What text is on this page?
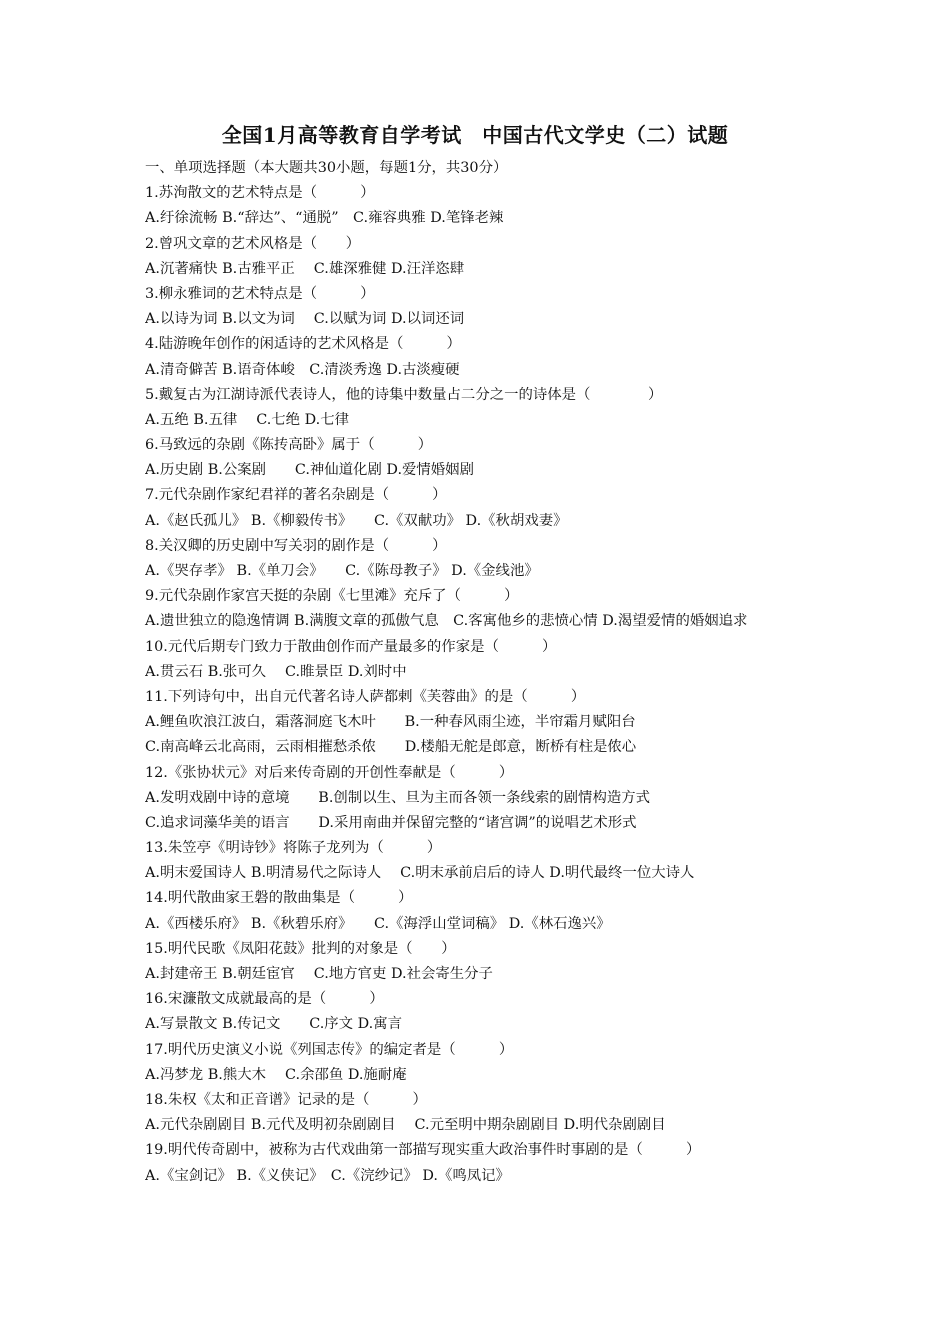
全国1月高等教育自学考试　中国古代文学史（二）试题
一、单项选择题（本大题共30小题，每题1分，共30分）
1.苏洵散文的艺术特点是（　　　）
A.纡徐流畅 B.“辞达”、“通脱”　C.雍容典雅 D.笔锋老辣
2.曾巩文章的艺术风格是（　　）
A.沉著痛快 B.古雅平正　 C.雄深雅健 D.汪洋恣肆
3.柳永雅词的艺术特点是（　　　）
A.以诗为词 B.以文为词　 C.以赋为词 D.以词还词
4.陆游晚年创作的闲适诗的艺术风格是（　　　）
A.清奇僻苦 B.语奇体峻　C.清淡秀逸 D.古淡瘦硬
5.戴复古为江湖诗派代表诗人，他的诗集中数量占二分之一的诗体是（　　　　）
A.五绝 B.五律　 C.七绝 D.七律
6.马致远的杂剧《陈抟高卧》属于（　　　）
A.历史剧 B.公案剧　　C.神仙道化剧 D.爱情婚姻剧
7.元代杂剧作家纪君祥的著名杂剧是（　　　）
A.《赵氏孤儿》 B.《柳毅传书》　　C.《双献功》 D.《秋胡戏妻》
8.关汉卿的历史剧中写关羽的剧作是（　　　）
A.《哭存孝》 B.《单刀会》　　C.《陈母教子》 D.《金线池》
9.元代杂剧作家宫天挺的杂剧《七里滩》充斥了（　　　）
A.遗世独立的隐逸情调 B.满腹文章的孤傲气息　C.客寓他乡的悲愤心情 D.渴望爱情的婚姻追求
10.元代后期专门致力于散曲创作而产量最多的作家是（　　　）
A.贯云石 B.张可久　 C.睢景臣 D.刘时中
11.下列诗句中，出自元代著名诗人萨都剌《芙蓉曲》的是（　　　）
A.鲤鱼吹浪江波白，霜落洞庭飞木叶　　B.一种春风雨尘迹，半帘霜月赋阳台
C.南高峰云北高雨，云雨相摧愁杀侬　　D.楼船无舵是郎意，断桥有柱是侬心
12.《张协状元》对后来传奇剧的开创性奉献是（　　　）
A.发明戏剧中诗的意境　　B.创制以生、旦为主而各领一条线索的剧情构造方式
C.追求词藻华美的语言　　D.采用南曲并保留完整的“诸宫调”的说唱艺术形式
13.朱笠亭《明诗钞》将陈子龙列为（　　　）
A.明末爱国诗人 B.明清易代之际诗人　 C.明末承前启后的诗人 D.明代最终一位大诗人
14.明代散曲家王磐的散曲集是（　　　）
A.《西楼乐府》 B.《秋碧乐府》　　C.《海浮山堂词稿》 D.《林石逸兴》
15.明代民歌《凤阳花鼓》批判的对象是（　　）
A.封建帝王 B.朝廷宦官　 C.地方官吏 D.社会寄生分子
16.宋濂散文成就最高的是（　　　）
A.写景散文 B.传记文　　C.序文 D.寓言
17.明代历史演义小说《列国志传》的编定者是（　　　）
A.冯梦龙 B.熊大木　 C.余邵鱼 D.施耐庵
18.朱权《太和正音谱》记录的是（　　　）
A.元代杂剧剧目 B.元代及明初杂剧剧目　 C.元至明中期杂剧剧目 D.明代杂剧剧目
19.明代传奇剧中，被称为古代戏曲第一部描写现实重大政治事件时事剧的是（　　　）
A.《宝剑记》 B.《义侠记》　C.《浣纱记》 D.《鸣凤记》
